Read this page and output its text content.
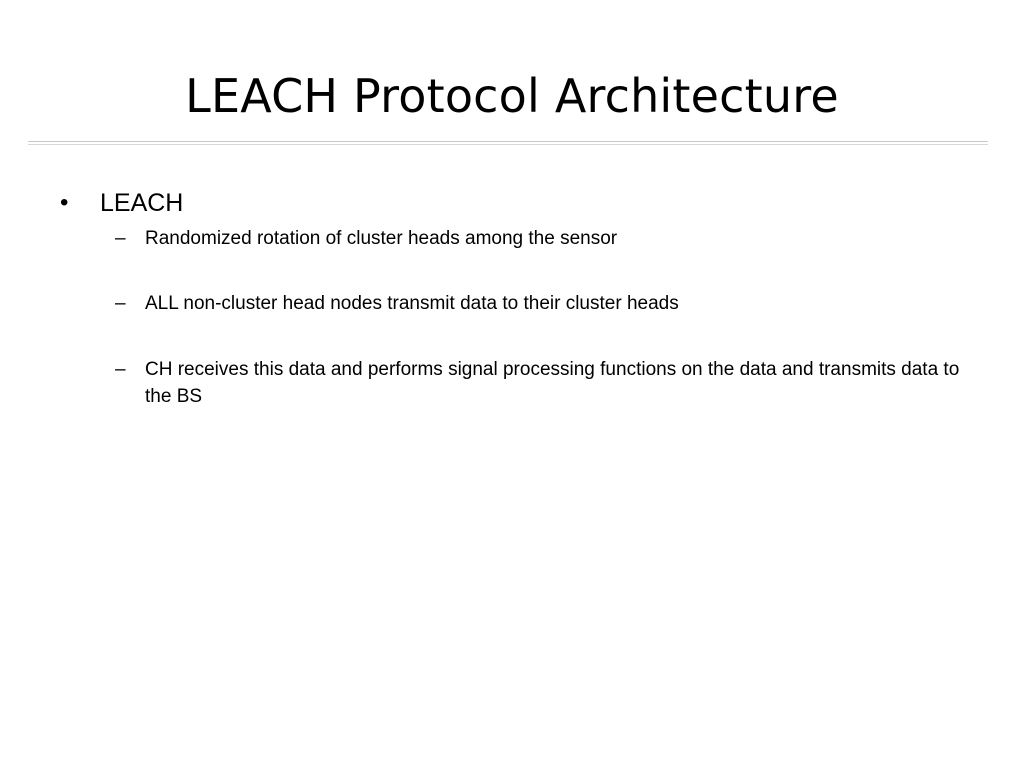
LEACH Protocol Architecture
•	LEACH
–	Randomized rotation of cluster heads among the sensor
–	ALL non-cluster head nodes transmit data to their cluster heads
–	CH receives this data and performs signal processing functions on the data and transmits data to the BS
